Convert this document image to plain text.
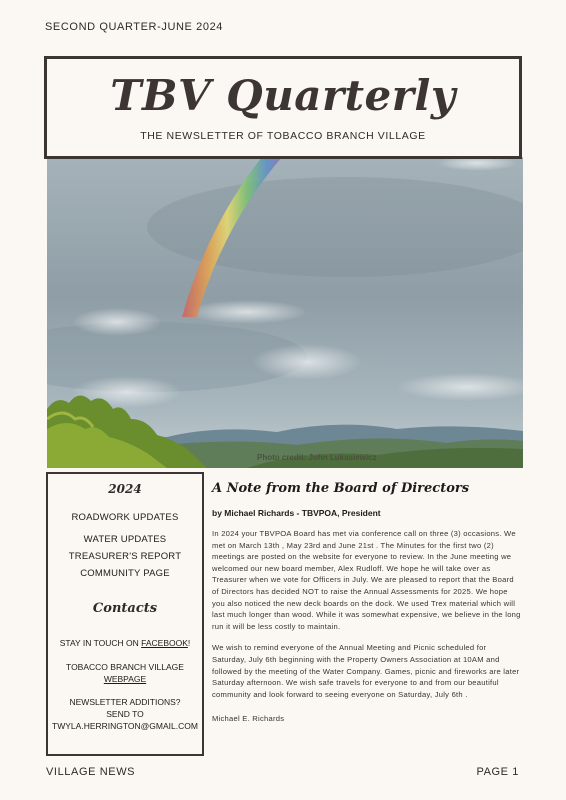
SECOND QUARTER-JUNE 2024
TBV Quarterly
THE NEWSLETTER OF TOBACCO BRANCH VILLAGE
Photo credit: John Lukasiewicz
2024
ROADWORK UPDATES
WATER UPDATES
TREASURER'S REPORT
COMMUNITY PAGE
Contacts
STAY IN TOUCH ON FACEBOOK!
TOBACCO BRANCH VILLAGE
WEBPAGE
NEWSLETTER ADDITIONS?
SEND TO
TWYLA.HERRINGTON@GMAIL.COM
A Note from the Board of Directors
by Michael Richards - TBVPOA, President

In 2024 your TBVPOA Board has met via conference call on three (3) occasions. We met on March 13th , May 23rd and June 21st . The Minutes for the first two (2) meetings are posted on the website for everyone to review. In the June meeting we welcomed our new board member, Alex Rudloff. We hope he will take over as Treasurer when we vote for Officers in July. We are pleased to report that the Board of Directors has decided NOT to raise the Annual Assessments for 2025. We hope you also noticed the new deck boards on the dock. We used Trex material which will last much longer than wood. While it was somewhat expensive, we believe in the long run it will be less costly to maintain.

We wish to remind everyone of the Annual Meeting and Picnic scheduled for Saturday, July 6th beginning with the Property Owners Association at 10AM and followed by the meeting of the Water Company. Games, picnic and fireworks are later Saturday afternoon. We wish safe travels for everyone to and from our beautiful community and look forward to seeing everyone on Saturday, July 6th .

Michael E. Richards
VILLAGE NEWS	PAGE 1
